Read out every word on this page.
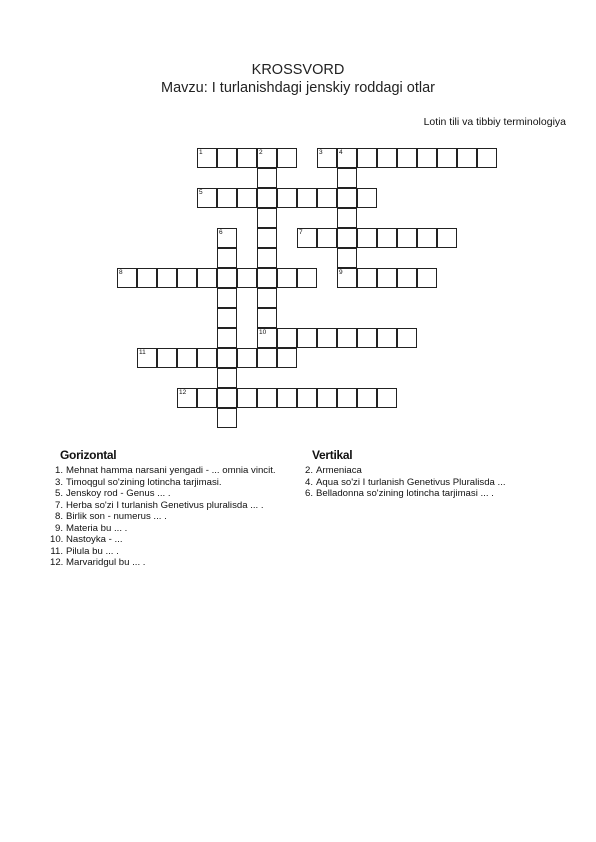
KROSSVORD
Mavzu: I turlanishdagi jenskiy roddagi otlar
Lotin tili va tibbiy terminologiya
1	2
10
3	4
9
5
6	7
8
11
12
Gorizontal
1. Mehnat hamma narsani yengadi - ... omnia vincit.
3. Timoqgul so'zining lotincha tarjimasi.
5. Jenskoy rod - Genus ... .
7. Herba so'zi I turlanish Genetivus pluralisda ... .
8. Birlik son - numerus ... .
9. Materia bu ... .
10. Nastoyka - ...
11. Pilula bu ... .
12. Marvaridgul bu ... .
Vertikal
2. Armeniaca
4. Aqua so'zi I turlanish Genetivus Pluralisda ...
6. Belladonna so'zining lotincha tarjimasi ... .
